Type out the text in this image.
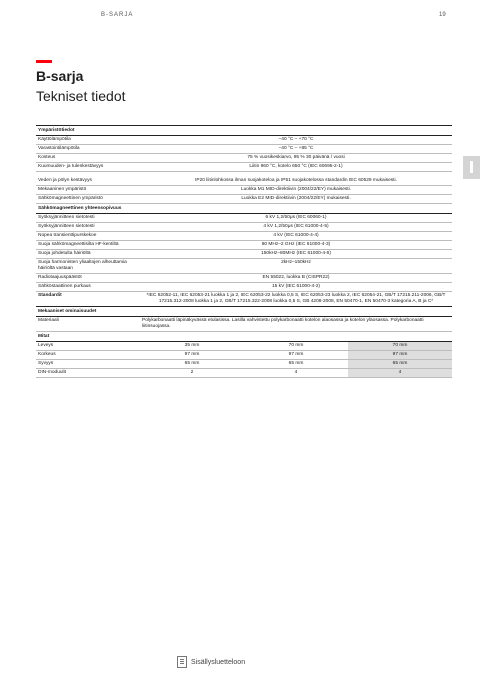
B-SARJA	19
B-sarja
Tekniset tiedot

Ympäristötiedot			
Käyttölämpötila	−40 °C – +70 °C		
Varastointilämpötila	−40 °C – +85 °C		
Kosteus	75 % vuosikeskiarvo, 95 % 30 päivänä / vuosi		
Kuumuuden- ja tulenkestävyys	Liitin 960 °C, kotelo 650 °C (IEC 60695-2-1)		
Veden ja pölyn kestävyys	IP20 liitinlohkossa ilman suojakoteloa ja IP51 suojakotelossa standardin IEC 60529 mukaisesti.		
Mekaaninen ympäristö	Luokka M1 MID-direktiivin (2004/22/EY) mukaisesti.		
Sähkömagneettinen ympäristö	Luokka E2 MID-direktiivin (2004/22/EY) mukaisesti.		
Sähkömagneettinen yhteensopivuus			
Syöksyjännitteen sietotesti	6 kV 1,2/50μs (IEC 60060-1)		
Syöksyjännitteen sietotesti	4 kV 1,2/50μs (IEC 61000-4-5)		
Nopea transienttipurskekoe	4 kV (IEC 61000-4-4)		
Suoja sähkömagneettisilta HF-kentiltä	80 MHz–2 GHz (IEC 61000-4-3)		
Suoja johdetulta häiriöltä	150kHz–80MHz (IEC 61000-4-6)		
Suoja harmonisten yliaaltojen alheuttamia häiriöltä vastaan	2kHz–150kHz		
Radiotaajuuspäästöt	EN 55022, luokka B (CISPR22)		
Sähköstaattinen purkaus	15 kV (IEC 61000-4-2)		
Standardit	*IEC 62052-11, IEC 62053-21 luokka 1 ja 2, IEC 62053-22 luokka 0,5 S, IEC 62053-23 luokka 2, IEC 62054-21, GB/T 17215.211-2006, GB/T 17215.312-2008 luokka 1 ja 2, GB/T 17215.322-2008 luokka 0,5 S, GB 4208-2008, EN 50470-1, EN 50470-3 kategoria A, B ja C*		
Mekaaniset ominaisuudet			
Materiaali	Polykarbonaatti läpinäkyvässä etulasissa. Lasilla vahvistettu polykarbonaatti kotelon alaosassa ja kotelon yläosassa. Polykarbonaatti liitinsuojassa.		
Mitat			
Leveys	35 mm	70 mm	70 mm
Korkeus	97 mm	97 mm	97 mm
Syvyys	65 mm	65 mm	65 mm
DIN-moduulit	2	4	4

Sisällysluetteloon
